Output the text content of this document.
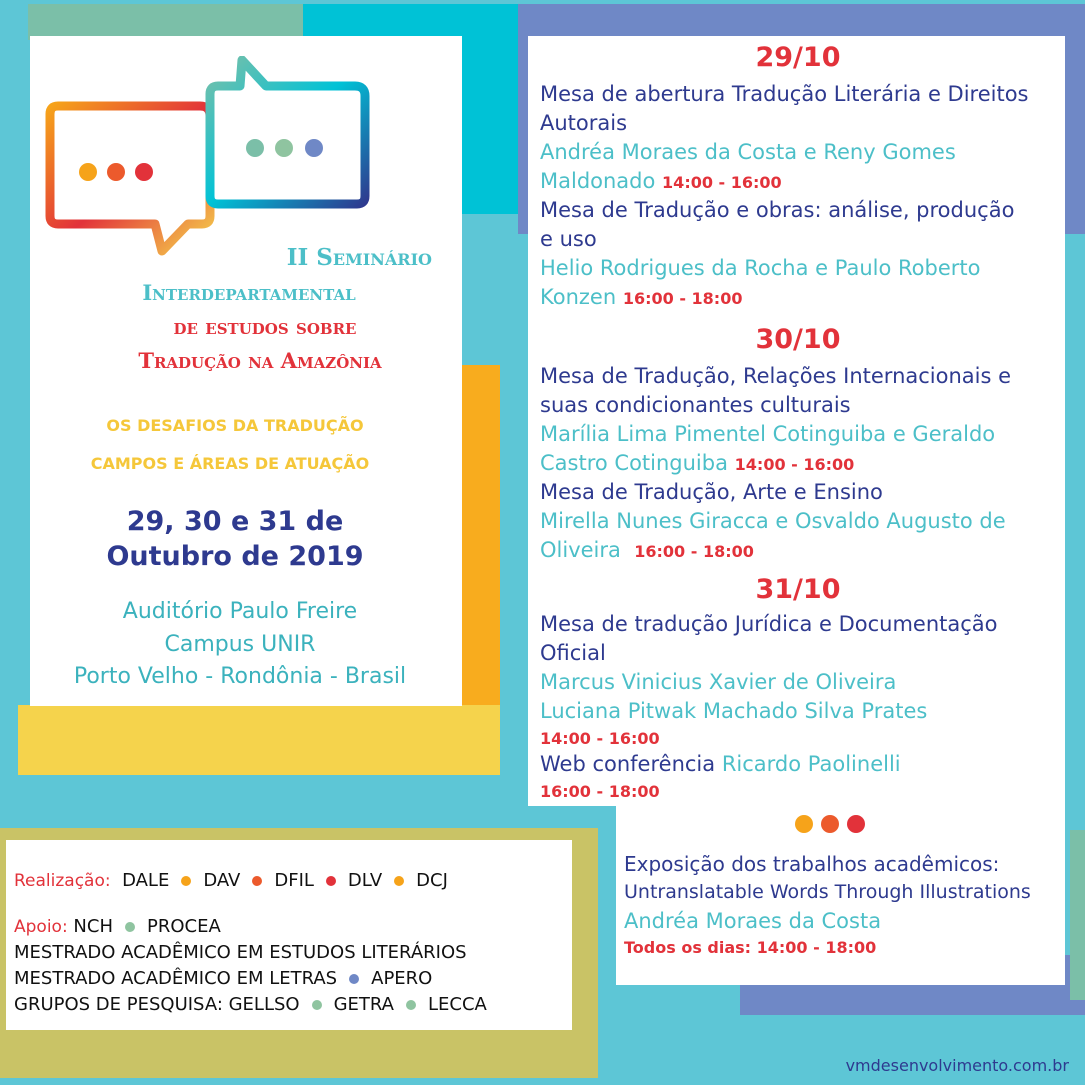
II Seminário
Interdepartamental
de estudos sobre
Tradução na Amazônia
OS DESAFIOS DA TRADUÇÃO
CAMPOS E ÁREAS DE ATUAÇÃO
29, 30 e 31 de
Outubro de 2019
Auditório Paulo Freire
Campus UNIR
Porto Velho - Rondônia - Brasil
29/10
Mesa de abertura Tradução Literária e Direitos
Autorais
Andréa Moraes da Costa e Reny Gomes
Maldonado 14:00 - 16:00
Mesa de Tradução e obras: análise, produção
e uso
Helio Rodrigues da Rocha e Paulo Roberto
Konzen 16:00 - 18:00
30/10
Mesa de Tradução, Relações Internacionais e
suas condicionantes culturais
Marília Lima Pimentel Cotinguiba e Geraldo
Castro Cotinguiba 14:00 - 16:00
Mesa de Tradução, Arte e Ensino
Mirella Nunes Giracca e Osvaldo Augusto de
Oliveira 16:00 - 18:00
31/10
Mesa de tradução Jurídica e Documentação
Oficial
Marcus Vinicius Xavier de Oliveira
Luciana Pitwak Machado Silva Prates
14:00 - 16:00
Web conferência Ricardo Paolinelli
16:00 - 18:00
Exposição dos trabalhos acadêmicos:
Untranslatable Words Through Illustrations
Andréa Moraes da Costa
Todos os dias: 14:00 - 18:00
Realização: DALE DAV DFIL DLV DCJ
Apoio: NCH PROCEA
MESTRADO ACADÊMICO EM ESTUDOS LITERÁRIOS
MESTRADO ACADÊMICO EM LETRAS APERO
GRUPOS DE PESQUISA: GELLSO GETRA LECCA
vmdesenvolvimento.com.br
